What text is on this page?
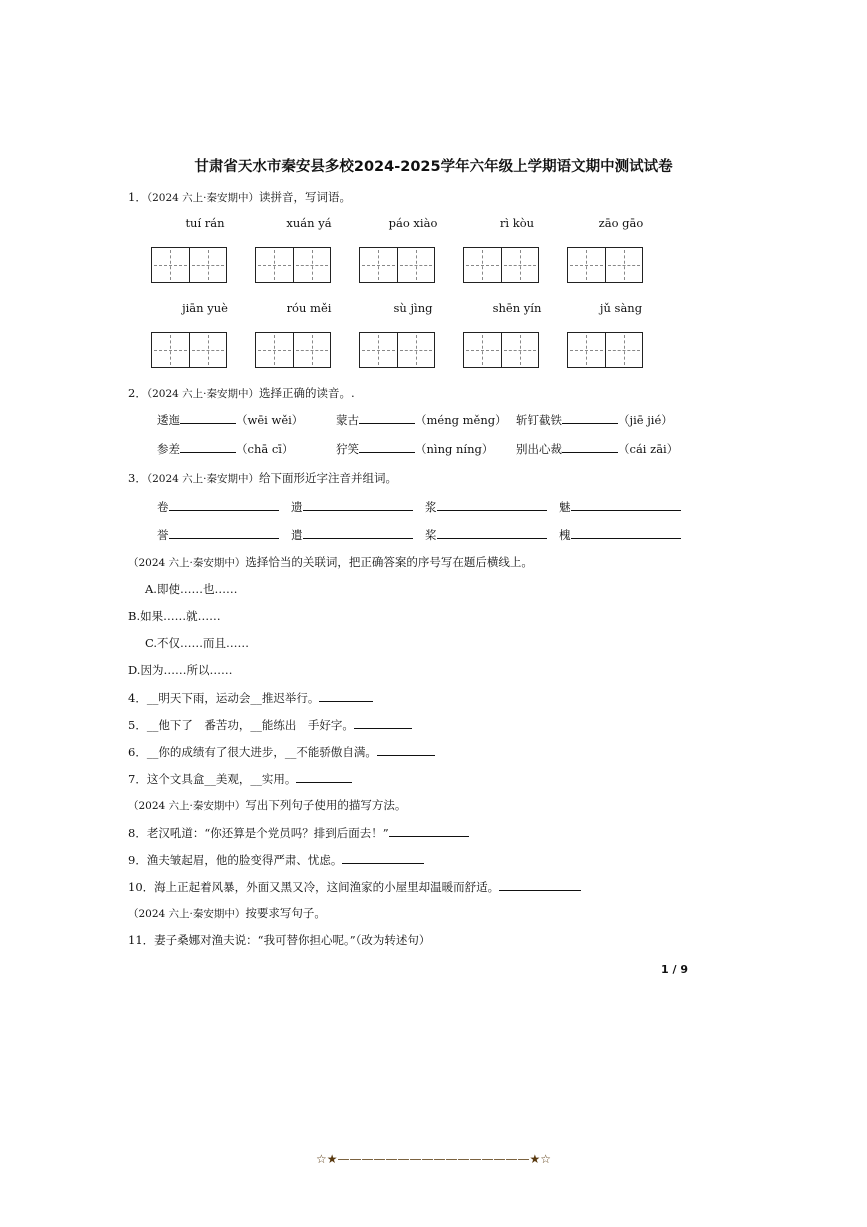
甘肃省天水市秦安县多校2024-2025学年六年级上学期语文期中测试试卷
1．（2024 六上·秦安期中）读拼音，写词语。
tuí rán	xuán yá	páo xiào	rì kòu	zāo gāo
jiān yuè	róu měi	sù jìng	shēn yín	jǔ sàng
2．（2024 六上·秦安期中）选择正确的读音。.
逶迤	（wēi wěi）	蒙古	（méng měng） 斩钉截铁	（jiē jié）
参差	（chā cī）	狞笑	（nìng níng） 别出心裁	（cái zāi）
3．（2024 六上·秦安期中）给下面形近字注音并组词。
卷	遗	浆	魅
誉	遣	桨	槐
（2024 六上·秦安期中）选择恰当的关联词，把正确答案的序号写在题后横线上。
A.即使……也……
B.如果……就……
C.不仅……而且……
D.因为……所以……
4．__明天下雨，运动会__推迟举行。
5．__他下了　番苦功，__能练出　手好字。
6．__你的成绩有了很大进步，__不能骄傲自满。
7．这个文具盒__美观，__实用。
（2024 六上·秦安期中）写出下列句子使用的描写方法。
8．老汉吼道：“你还算是个党员吗？排到后面去！”
9．渔夫皱起眉，他的脸变得严肃、忧虑。
10．海上正起着风暴，外面又黑又冷，这间渔家的小屋里却温暖而舒适。
（2024 六上·秦安期中）按要求写句子。
11．妻子桑娜对渔夫说：“我可替你担心呢。”（改为转述句）
1 / 9
☆★————————————————★☆
